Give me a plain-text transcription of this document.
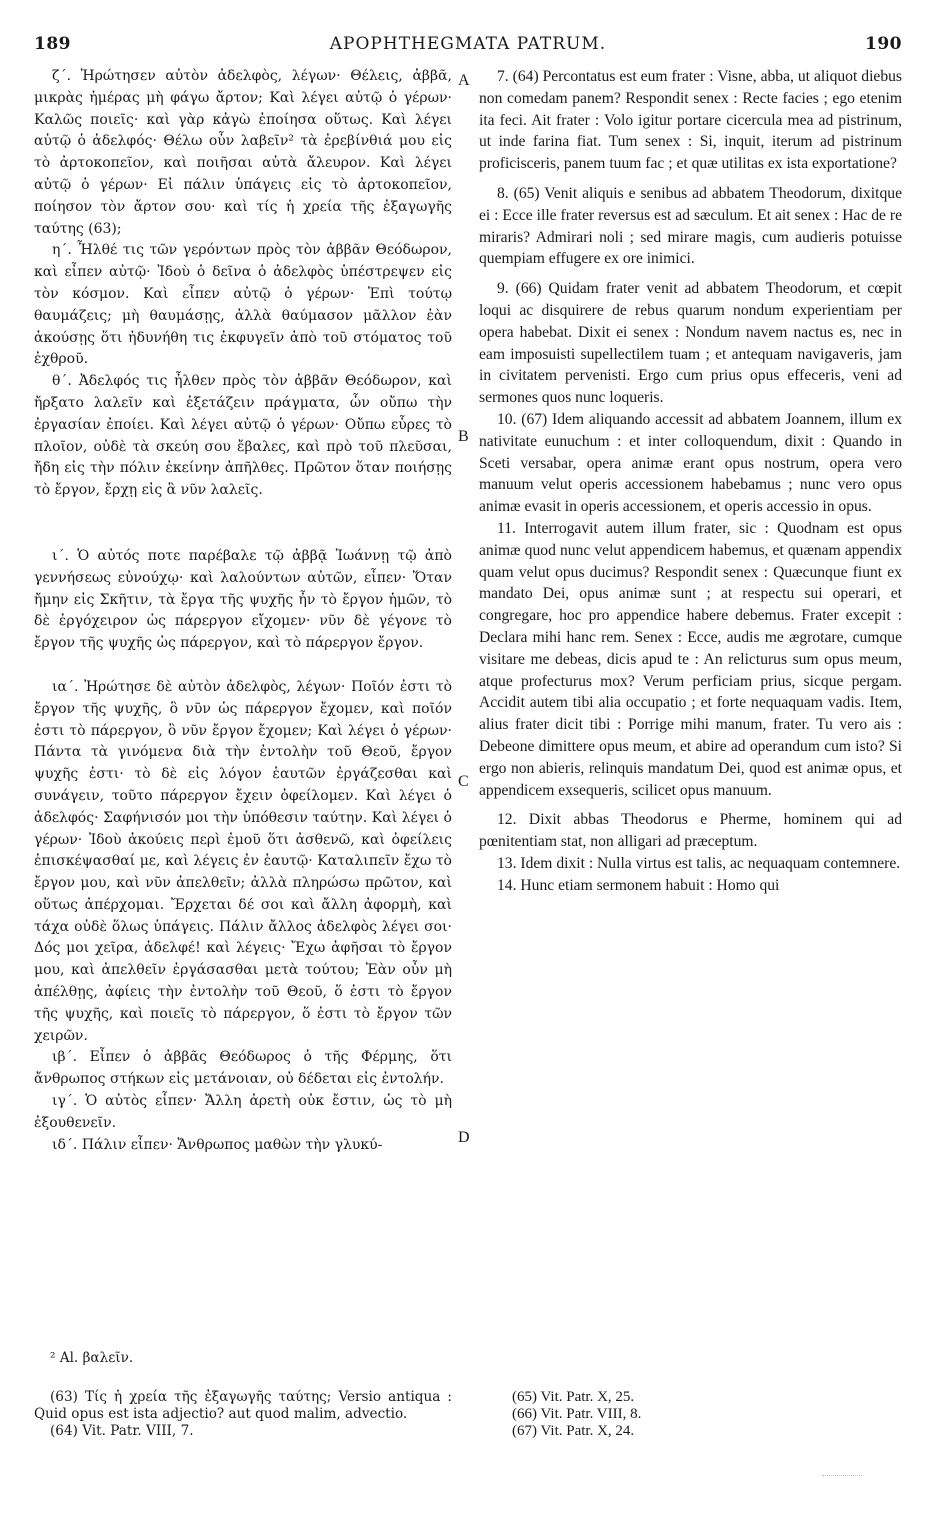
189	APOPHTHEGMATA PATRUM.	190

ζ΄. Ἠρώτησεν αὐτὸν ἀδελφὸς, λέγων· Θέλεις, ἀββᾶ, μικρὰς ἡμέρας μὴ φάγω ἄρτον; Καὶ λέγει αὐτῷ ὁ γέρων· Καλῶς ποιεῖς· καὶ γὰρ κἀγὼ ἐποίησα οὕτως. Καὶ λέγει αὐτῷ ὁ ἀδελφός· Θέλω οὖν λαβεῖν² τὰ ἐρεβίνθιά μου εἰς τὸ ἀρτοκοπεῖον, καὶ ποιῆσαι αὐτὰ ἄλευρον. Καὶ λέγει αὐτῷ ὁ γέρων· Εἰ πάλιν ὑπάγεις εἰς τὸ ἀρτοκοπεῖον, ποίησον τὸν ἄρτον σου· καὶ τίς ἡ χρεία τῆς ἐξαγωγῆς ταύτης (63);

η΄. Ἦλθέ τις τῶν γερόντων πρὸς τὸν ἀββᾶν Θεόδωρον, καὶ εἶπεν αὐτῷ· Ἰδοὺ ὁ δεῖνα ὁ ἀδελφὸς ὑπέστρεψεν εἰς τὸν κόσμον. Καὶ εἶπεν αὐτῷ ὁ γέρων· Ἐπὶ τούτῳ θαυμάζεις; μὴ θαυμάσῃς, ἀλλὰ θαύμασον μᾶλλον ἐὰν ἀκούσῃς ὅτι ἠδυνήθη τις ἐκφυγεῖν ἀπὸ τοῦ στόματος τοῦ ἐχθροῦ.

θ΄. Ἀδελφός τις ἦλθεν πρὸς τὸν ἀββᾶν Θεόδωρον, καὶ ἤρξατο λαλεῖν καὶ ἐξετάζειν πράγματα, ὧν οὔπω τὴν ἐργασίαν ἐποίει. Καὶ λέγει αὐτῷ ὁ γέρων· Οὔπω εὗρες τὸ πλοῖον, οὐδὲ τὰ σκεύη σου ἔβαλες, καὶ πρὸ τοῦ πλεῦσαι, ἤδη εἰς τὴν πόλιν ἐκείνην ἀπῆλθες. Πρῶτον ὅταν ποιήσῃς τὸ ἔργον, ἔρχῃ εἰς ἃ νῦν λαλεῖς.

ι΄. Ὁ αὐτός ποτε παρέβαλε τῷ ἀββᾷ Ἰωάννῃ τῷ ἀπὸ γεννήσεως εὐνούχῳ· καὶ λαλούντων αὐτῶν, εἶπεν· Ὅταν ἤμην εἰς Σκῆτιν, τὰ ἔργα τῆς ψυχῆς ἦν τὸ ἔργον ἡμῶν, τὸ δὲ ἐργόχειρον ὡς πάρεργον εἴχομεν· νῦν δὲ γέγονε τὸ ἔργον τῆς ψυχῆς ὡς πάρεργον, καὶ τὸ πάρεργον ἔργον.

ια΄. Ἠρώτησε δὲ αὐτὸν ἀδελφὸς, λέγων· Ποῖόν ἐστι τὸ ἔργον τῆς ψυχῆς, ὃ νῦν ὡς πάρεργον ἔχομεν, καὶ ποῖόν ἐστι τὸ πάρεργον, ὃ νῦν ἔργον ἔχομεν; Καὶ λέγει ὁ γέρων· Πάντα τὰ γινόμενα διὰ τὴν ἐντολὴν τοῦ Θεοῦ, ἔργον ψυχῆς ἐστι· τὸ δὲ εἰς λόγον ἑαυτῶν ἐργάζεσθαι καὶ συνάγειν, τοῦτο πάρεργον ἔχειν ὀφείλομεν. Καὶ λέγει ὁ ἀδελφός· Σαφήνισόν μοι τὴν ὑπόθεσιν ταύτην. Καὶ λέγει ὁ γέρων· Ἰδοὺ ἀκούεις περὶ ἐμοῦ ὅτι ἀσθενῶ, καὶ ὀφείλεις ἐπισκέψασθαί με, καὶ λέγεις ἐν ἑαυτῷ· Καταλιπεῖν ἔχω τὸ ἔργον μου, καὶ νῦν ἀπελθεῖν; ἀλλὰ πληρώσω πρῶτον, καὶ οὕτως ἀπέρχομαι. Ἔρχεται δέ σοι καὶ ἄλλη ἀφορμὴ, καὶ τάχα οὐδὲ ὅλως ὑπάγεις. Πάλιν ἄλλος ἀδελφὸς λέγει σοι· Δός μοι χεῖρα, ἀδελφέ! καὶ λέγεις· Ἔχω ἀφῆσαι τὸ ἔργον μου, καὶ ἀπελθεῖν ἐργάσασθαι μετὰ τούτου; Ἐὰν οὖν μὴ ἀπέλθῃς, ἀφίεις τὴν ἐντολὴν τοῦ Θεοῦ, ὅ ἐστι τὸ ἔργον τῆς ψυχῆς, καὶ ποιεῖς τὸ πάρεργον, ὅ ἐστι τὸ ἔργον τῶν χειρῶν.

ιβ΄. Εἶπεν ὁ ἀββᾶς Θεόδωρος ὁ τῆς Φέρμης, ὅτι ἄνθρωπος στήκων εἰς μετάνοιαν, οὐ δέδεται εἰς ἐντολήν.

ιγ΄. Ὁ αὐτὸς εἶπεν· Ἄλλη ἀρετὴ οὐκ ἔστιν, ὡς τὸ μὴ ἐξουθενεῖν.

ιδ΄. Πάλιν εἶπεν· Ἄνθρωπος μαθὼν τὴν γλυκύ-

A
B
C
D

7. (64) Percontatus est eum frater : Visne, abba, ut aliquot diebus non comedam panem? Respondit senex : Recte facies ; ego etenim ita feci. Ait frater : Volo igitur portare cicercula mea ad pistrinum, ut inde farina fiat. Tum senex : Si, inquit, iterum ad pistrinum proficisceris, panem tuum fac ; et quæ utilitas ex ista exportatione?

8. (65) Venit aliquis e senibus ad abbatem Theodorum, dixitque ei : Ecce ille frater reversus est ad sæculum. Et ait senex : Hac de re miraris? Admirari noli ; sed mirare magis, cum audieris potuisse quempiam effugere ex ore inimici.

9. (66) Quidam frater venit ad abbatem Theodorum, et cœpit loqui ac disquirere de rebus quarum nondum experientiam per opera habebat. Dixit ei senex : Nondum navem nactus es, nec in eam imposuisti supellectilem tuam ; et antequam navigaveris, jam in civitatem pervenisti. Ergo cum prius opus effeceris, veni ad sermones quos nunc loqueris.

10. (67) Idem aliquando accessit ad abbatem Joannem, illum ex nativitate eunuchum : et inter colloquendum, dixit : Quando in Sceti versabar, opera animæ erant opus nostrum, opera vero manuum velut operis accessionem habebamus ; nunc vero opus animæ evasit in operis accessionem, et operis accessio in opus.

11. Interrogavit autem illum frater, sic : Quodnam est opus animæ quod nunc velut appendicem habemus, et quænam appendix quam velut opus ducimus? Respondit senex : Quæcunque fiunt ex mandato Dei, opus animæ sunt ; at respectu sui operari, et congregare, hoc pro appendice habere debemus. Frater excepit : Declara mihi hanc rem. Senex : Ecce, audis me ægrotare, cumque visitare me debeas, dicis apud te : An relicturus sum opus meum, atque profecturus mox? Verum perficiam prius, sicque pergam. Accidit autem tibi alia occupatio ; et forte nequaquam vadis. Item, alius frater dicit tibi : Porrige mihi manum, frater. Tu vero ais : Debeone dimittere opus meum, et abire ad operandum cum isto? Si ergo non abieris, relinquis mandatum Dei, quod est animæ opus, et appendicem exsequeris, scilicet opus manuum.

12. Dixit abbas Theodorus e Pherme, hominem qui ad pœnitentiam stat, non alligari ad præceptum.

13. Idem dixit : Nulla virtus est talis, ac nequaquam contemnere.

14. Hunc etiam sermonem habuit : Homo qui

² Al. βαλεῖν.

(63) Τίς ἡ χρεία τῆς ἐξαγωγῆς ταύτης; Versio antiqua : Quid opus est ista adjectio? aut quod malim, advectio.

(64) Vit. Patr. VIII, 7.

(65) Vit. Patr. X, 25.

(66) Vit. Patr. VIII, 8.

(67) Vit. Patr. X, 24.
